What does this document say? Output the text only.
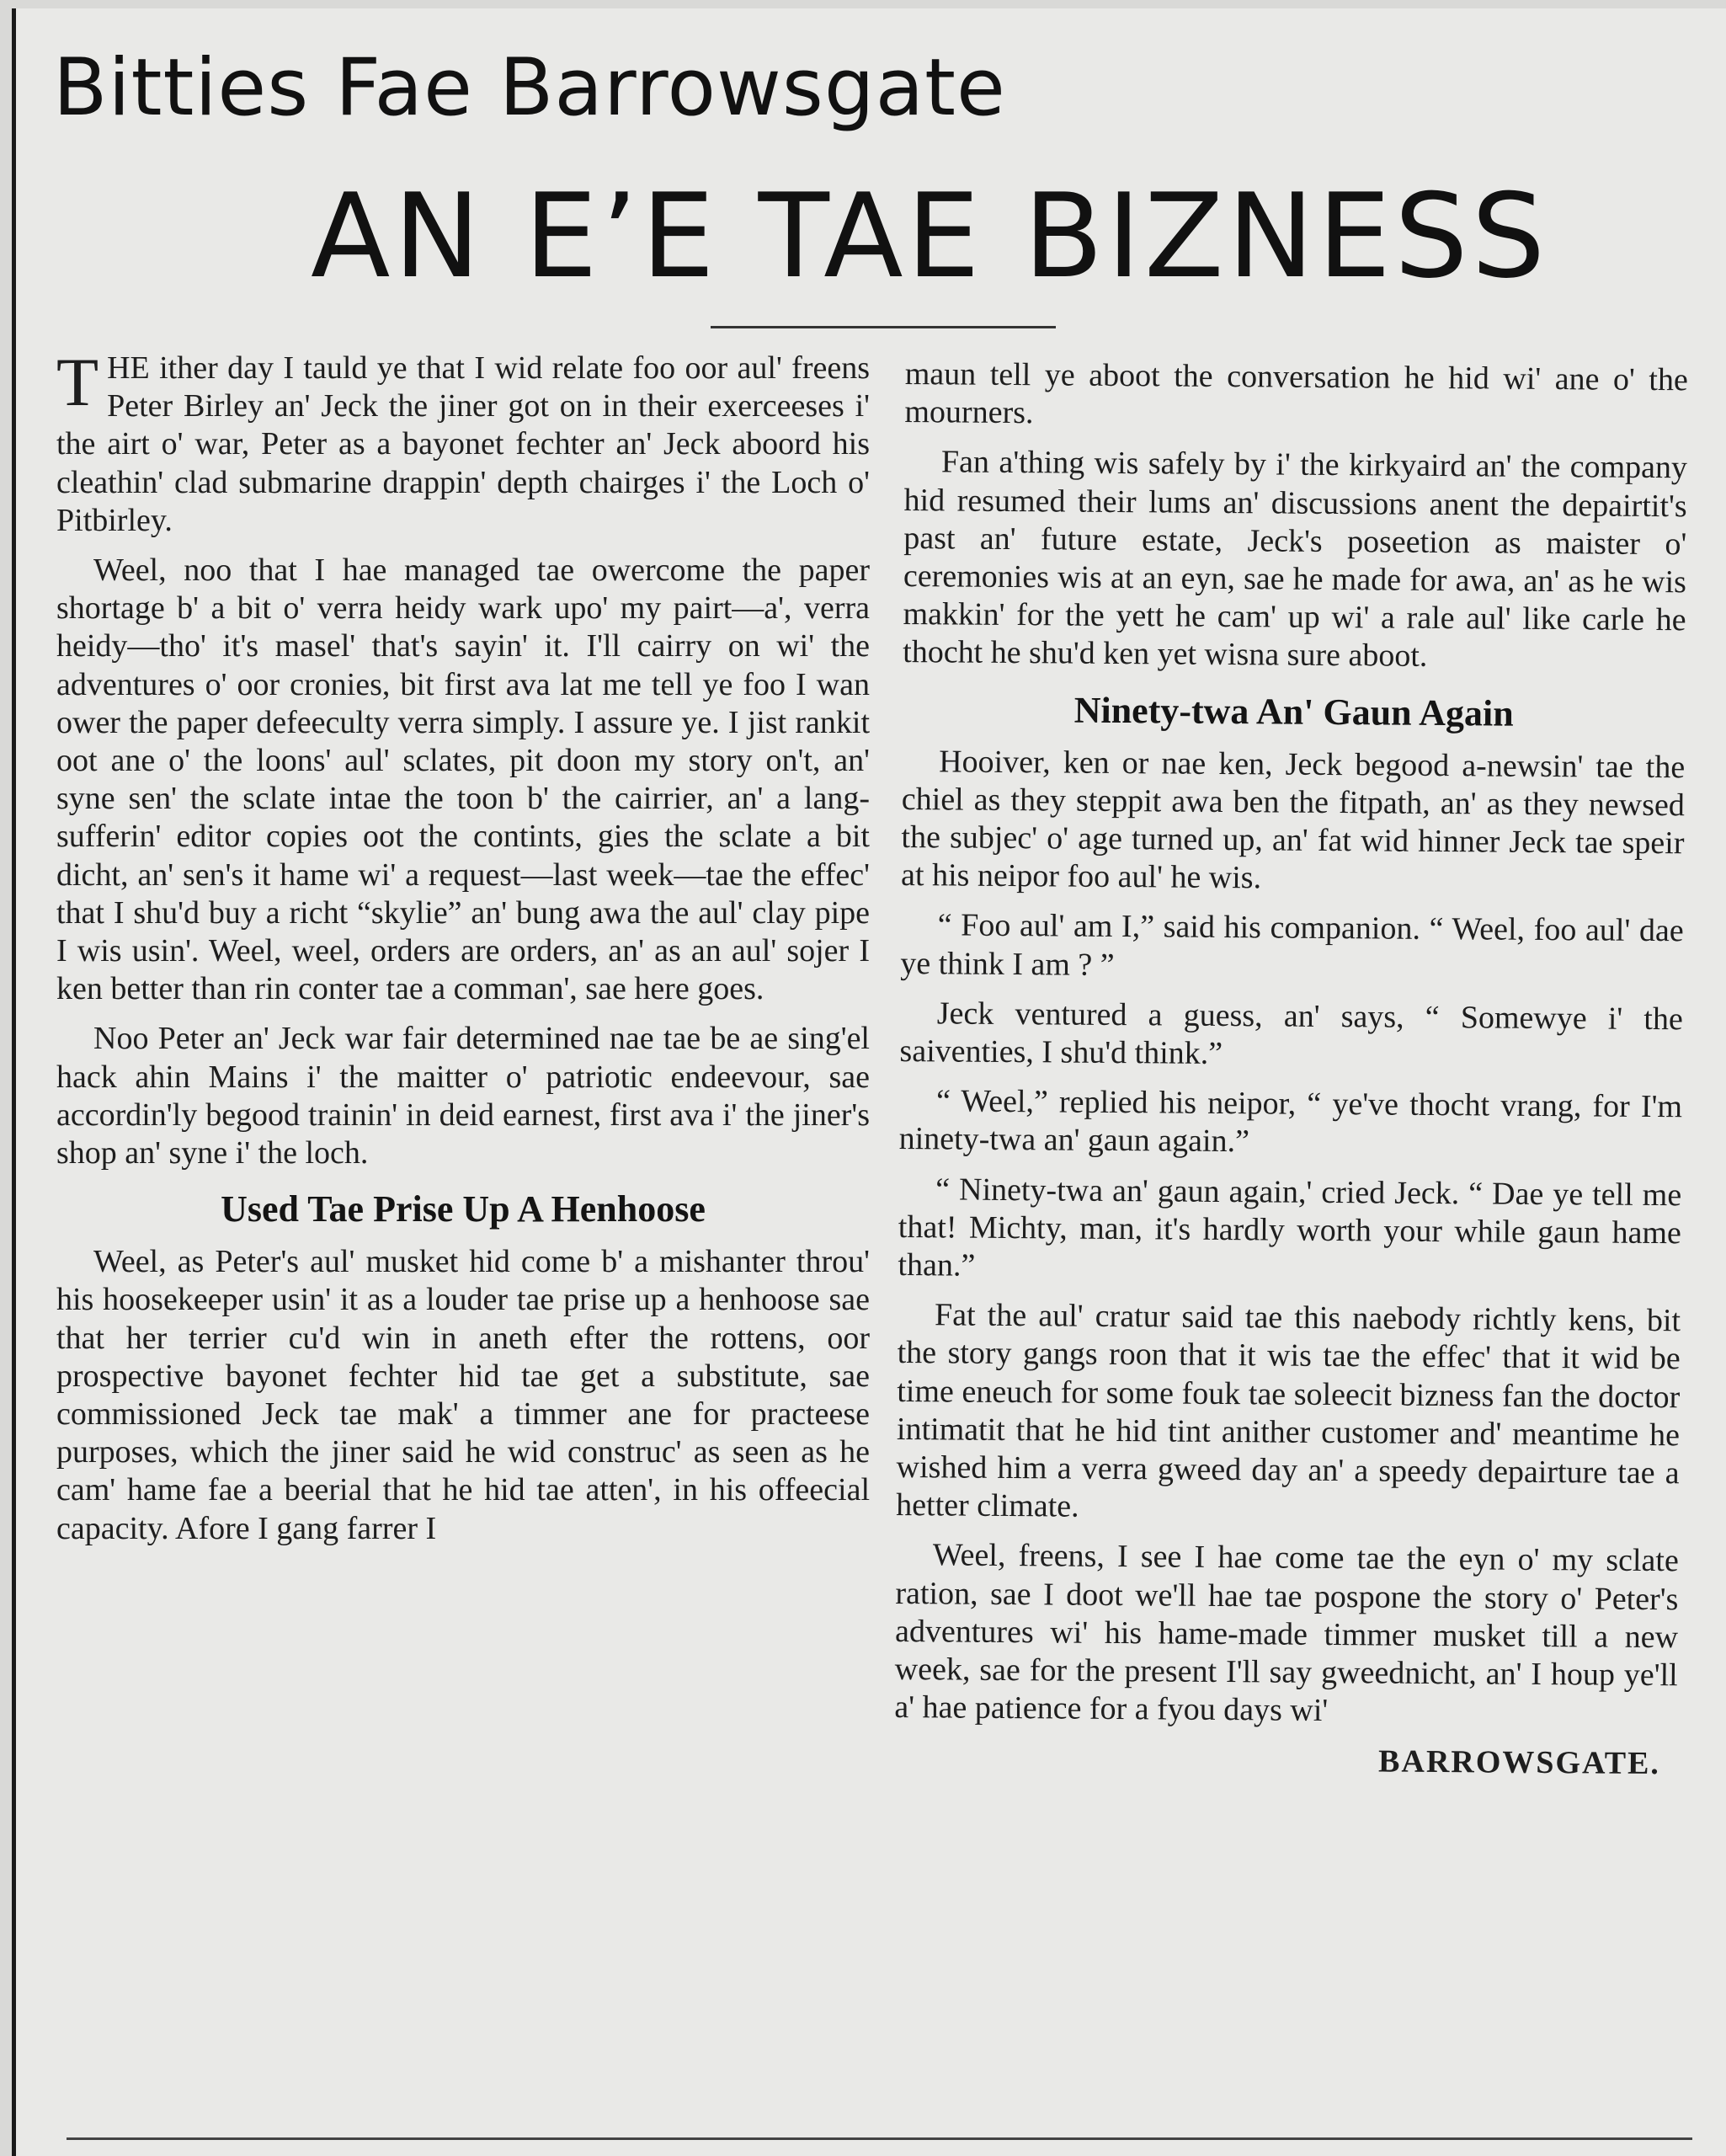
Bitties Fae Barrowsgate
AN E’E TAE BIZNESS

THE ither day I tauld ye that I wid relate foo oor aul' freens Peter Birley an' Jeck the jiner got on in their exerceeses i' the airt o' war, Peter as a bayonet fechter an' Jeck aboord his cleathin' clad submarine drappin' depth chairges i' the Loch o' Pitbirley.

Weel, noo that I hae managed tae owercome the paper shortage b' a bit o' verra heidy wark upo' my pairt—a', verra heidy—tho' it's masel' that's sayin' it. I'll cairry on wi' the adventures o' oor cronies, bit first ava lat me tell ye foo I wan ower the paper defeeculty verra simply. I assure ye. I jist rankit oot ane o' the loons' aul' sclates, pit doon my story on't, an' syne sen' the sclate intae the toon b' the cairrier, an' a lang-sufferin' editor copies oot the contints, gies the sclate a bit dicht, an' sen's it hame wi' a request—last week—tae the effec' that I shu'd buy a richt “skylie” an' bung awa the aul' clay pipe I wis usin'. Weel, weel, orders are orders, an' as an aul' sojer I ken better than rin conter tae a comman', sae here goes.

Noo Peter an' Jeck war fair determined nae tae be ae sing'el hack ahin Mains i' the maitter o' patriotic endeevour, sae accordin'ly begood trainin' in deid earnest, first ava i' the jiner's shop an' syne i' the loch.

Used Tae Prise Up A Henhoose

Weel, as Peter's aul' musket hid come b' a mishanter throu' his hoosekeeper usin' it as a louder tae prise up a henhoose sae that her terrier cu'd win in aneth efter the rottens, oor prospective bayonet fechter hid tae get a substitute, sae commissioned Jeck tae mak' a timmer ane for practeese purposes, which the jiner said he wid construc' as seen as he cam' hame fae a beerial that he hid tae atten', in his offeecial capacity. Afore I gang farrer I

maun tell ye aboot the conversation he hid wi' ane o' the mourners.

Fan a'thing wis safely by i' the kirkyaird an' the company hid resumed their lums an' discussions anent the depairtit's past an' future estate, Jeck's poseetion as maister o' ceremonies wis at an eyn, sae he made for awa, an' as he wis makkin' for the yett he cam' up wi' a rale aul' like carle he thocht he shu'd ken yet wisna sure aboot.

Ninety-twa An' Gaun Again

Hooiver, ken or nae ken, Jeck begood a-newsin' tae the chiel as they steppit awa ben the fitpath, an' as they newsed the subjec' o' age turned up, an' fat wid hinner Jeck tae speir at his neipor foo aul' he wis.

“ Foo aul' am I,” said his companion. “ Weel, foo aul' dae ye think I am ? ”

Jeck ventured a guess, an' says, “ Somewye i' the saiventies, I shu'd think.”

“ Weel,” replied his neipor, “ ye've thocht vrang, for I'm ninety-twa an' gaun again.”

“ Ninety-twa an' gaun again,' cried Jeck. “ Dae ye tell me that! Michty, man, it's hardly worth your while gaun hame than.”

Fat the aul' cratur said tae this naebody richtly kens, bit the story gangs roon that it wis tae the effec' that it wid be time eneuch for some fouk tae soleecit bizness fan the doctor intimatit that he hid tint anither customer and' meantime he wished him a verra gweed day an' a speedy depairture tae a hetter climate.

Weel, freens, I see I hae come tae the eyn o' my sclate ration, sae I doot we'll hae tae pospone the story o' Peter's adventures wi' his hame-made timmer musket till a new week, sae for the present I'll say gweednicht, an' I houp ye'll a' hae patience for a fyou days wi'

BARROWSGATE.
